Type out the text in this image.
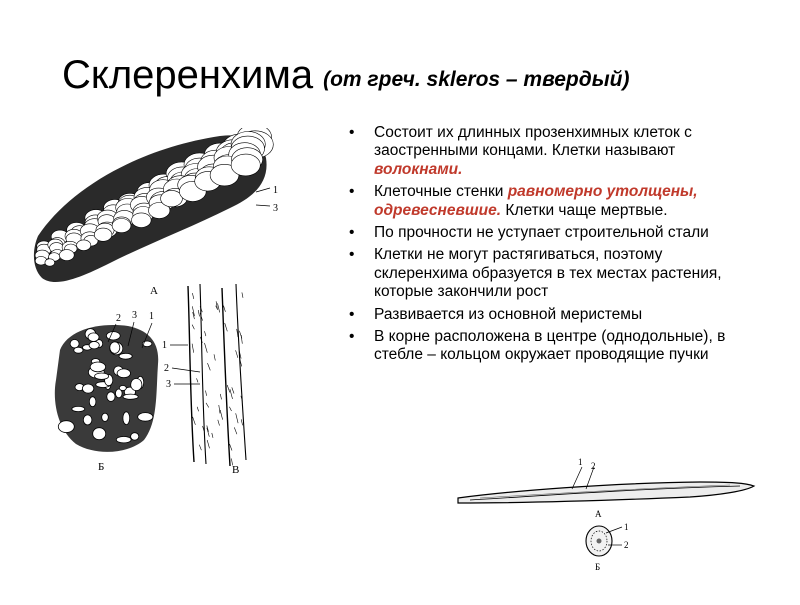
Склеренхима (от греч. skleros – твердый)
• Состоит их длинных прозенхимных клеток с заостренными концами. Клетки называют волокнами.
• Клеточные стенки равномерно утолщены, одревесневшие. Клетки чаще мертвые.
• По прочности не уступает строительной стали
• Клетки не могут растягиваться, поэтому склеренхима образуется в тех местах растения, которые закончили рост
• Развивается из основной меристемы
• В корне расположена в центре (однодольные), в стебле – кольцом окружает проводящие пучки
1
3
А
2 3 1
Б
1
2
3
В
1 2
А
1
2
Б
